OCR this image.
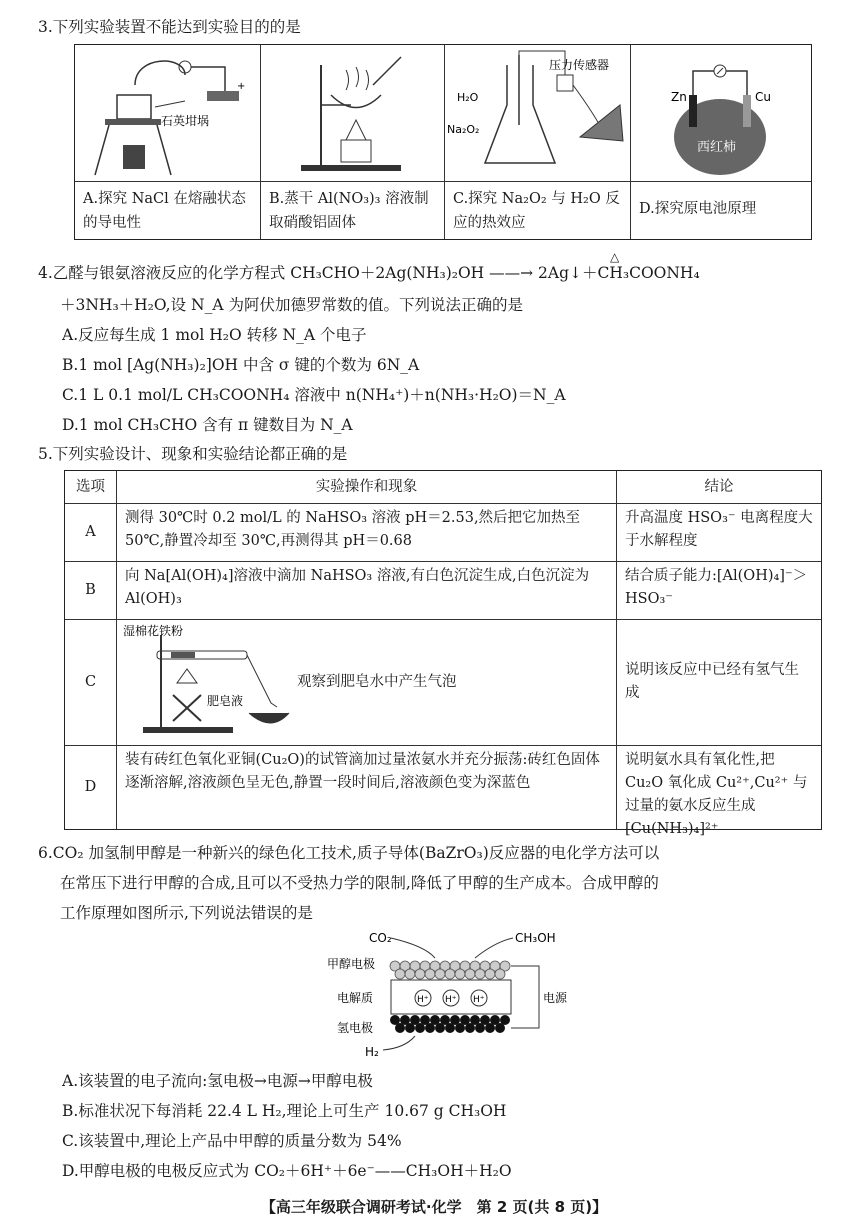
3.下列实验装置不能达到实验目的的是
+
石英坩埚
A.探究 NaCl 在熔融状态的导电性
B.蒸干 Al(NO₃)₃ 溶液制取硝酸铝固体
压力传感器
H₂O
Na₂O₂
C.探究 Na₂O₂ 与 H₂O 反应的热效应
Zn	Cu
西红柿
D.探究原电池原理
4.乙醛与银氨溶液反应的化学方程式 CH₃CHO＋2Ag(NH₃)₂OH ——→ 2Ag↓＋CH₃COONH₄
△
＋3NH₃＋H₂O,设 N_A 为阿伏加德罗常数的值。下列说法正确的是
A.反应每生成 1 mol H₂O 转移 N_A 个电子
B.1 mol [Ag(NH₃)₂]OH 中含 σ 键的个数为 6N_A
C.1 L 0.1 mol/L CH₃COONH₄ 溶液中 n(NH₄⁺)＋n(NH₃·H₂O)＝N_A
D.1 mol CH₃CHO 含有 π 键数目为 N_A
5.下列实验设计、现象和实验结论都正确的是
选项	实验操作和现象	结论
A
测得 30℃时 0.2 mol/L 的 NaHSO₃ 溶液 pH＝2.53,然后把它加热至 50℃,静置冷却至 30℃,再测得其 pH＝0.68
升高温度 HSO₃⁻ 电离程度大于水解程度
B
向 Na[Al(OH)₄]溶液中滴加 NaHSO₃ 溶液,有白色沉淀生成,白色沉淀为 Al(OH)₃
结合质子能力:[Al(OH)₄]⁻＞HSO₃⁻
C
湿棉花铁粉
肥皂液
观察到肥皂水中产生气泡
说明该反应中已经有氢气生成
D
装有砖红色氧化亚铜(Cu₂O)的试管滴加过量浓氨水并充分振荡:砖红色固体逐渐溶解,溶液颜色呈无色,静置一段时间后,溶液颜色变为深蓝色
说明氨水具有氧化性,把 Cu₂O 氧化成 Cu²⁺,Cu²⁺ 与过量的氨水反应生成[Cu(NH₃)₄]²⁺
6.CO₂ 加氢制甲醇是一种新兴的绿色化工技术,质子导体(BaZrO₃)反应器的电化学方法可以
在常压下进行甲醇的合成,且可以不受热力学的限制,降低了甲醇的生产成本。合成甲醇的
工作原理如图所示,下列说法错误的是
CO₂	CH₃OH
H⁺ H⁺ H⁺
甲醇电极
电解质
氢电极
电源
H₂
A.该装置的电子流向:氢电极→电源→甲醇电极
B.标准状况下每消耗 22.4 L H₂,理论上可生产 10.67 g CH₃OH
C.该装置中,理论上产品中甲醇的质量分数为 54%
D.甲醇电极的电极反应式为 CO₂＋6H⁺＋6e⁻——CH₃OH＋H₂O
【高三年级联合调研考试·化学　第 2 页(共 8 页)】
